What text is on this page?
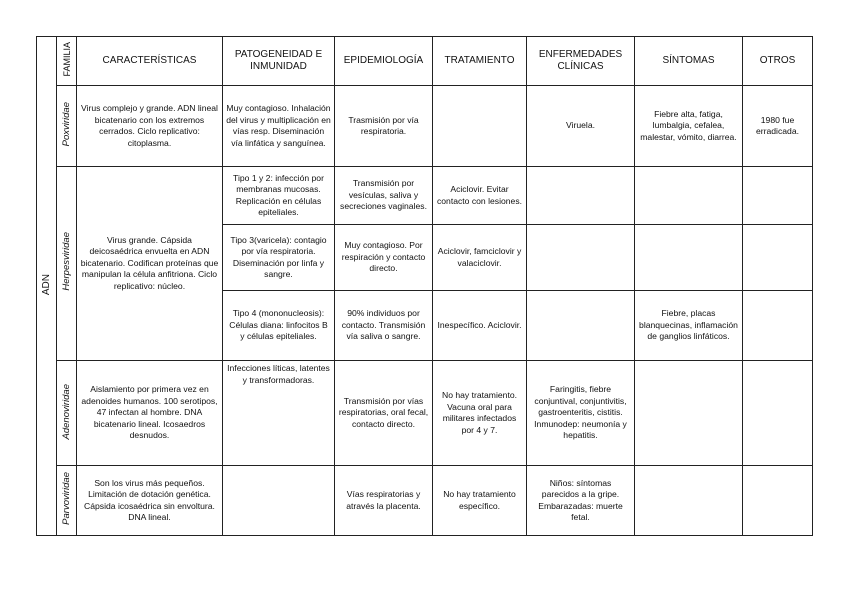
ADN	FAMILIA	CARACTERÍSTICAS	PATOGENEIDAD E INMUNIDAD	EPIDEMIOLOGÍA	TRATAMIENTO	ENFERMEDADES CLÍNICAS	SÍNTOMAS	OTROS
	Poxviridae	Virus complejo y grande. ADN lineal bicatenario con los extremos cerrados. Ciclo replicativo: citoplasma.	Muy contagioso. Inhalación del virus y multiplicación en vías resp. Diseminación vía linfática y sanguínea.	Trasmisión por vía respiratoria.		Viruela.	Fiebre alta, fatiga, lumbalgia, cefalea, malestar, vómito, diarrea.	1980 fue erradicada.
	Herpesviridae	Virus grande. Cápsida deicosaédrica envuelta en ADN bicatenario. Codifican proteínas que manipulan la célula anfitriona. Ciclo replicativo: núcleo.	Tipo 1 y 2: infección por membranas mucosas. Replicación en células epiteliales.	Transmisión por vesículas, saliva y secreciones vaginales.	Aciclovir. Evitar contacto con lesiones.			
			Tipo 3(varicela): contagio por vía respiratoria. Diseminación por linfa y sangre.	Muy contagioso. Por respiración y contacto directo.	Aciclovir, famciclovir y valaciclovir.			
			Tipo 4 (mononucleosis): Células diana: linfocitos B y células epiteliales.	90% individuos por contacto. Transmisión vía saliva o sangre.	Inespecífico. Aciclovir.		Fiebre, placas blanquecinas, inflamación de ganglios linfáticos.	
	Adenoviridae	Aislamiento por primera vez en adenoides humanos. 100 serotipos, 47 infectan al hombre. DNA bicatenario lineal. Icosaedros desnudos.	Infecciones líticas, latentes y transformadoras.	Transmisión por vías respiratorias, oral fecal, contacto directo.	No hay tratamiento. Vacuna oral para militares infectados por 4 y 7.	Faringitis, fiebre conjuntival, conjuntivitis, gastroenteritis, cistitis. Inmunodep: neumonía y hepatitis.		
	Parvoviridae	Son los virus más pequeños. Limitación de dotación genética. Cápsida icosaédrica sin envoltura. DNA lineal.		Vías respiratorias y através la placenta.	No hay tratamiento específico.	Niños: síntomas parecidos a la gripe. Embarazadas: muerte fetal.		
